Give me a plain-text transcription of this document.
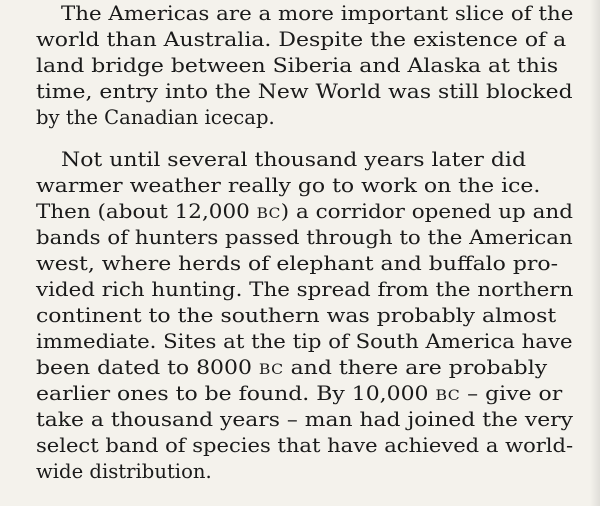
The Americas are a more important slice of the
world than Australia. Despite the existence of a
land bridge between Siberia and Alaska at this
time, entry into the New World was still blocked
by the Canadian icecap.
Not until several thousand years later did
warmer weather really go to work on the ice.
Then (about 12,000 bc) a corridor opened up and
bands of hunters passed through to the American
west, where herds of elephant and buffalo pro-
vided rich hunting. The spread from the northern
continent to the southern was probably almost
immediate. Sites at the tip of South America have
been dated to 8000 bc and there are probably
earlier ones to be found. By 10,000 bc – give or
take a thousand years – man had joined the very
select band of species that have achieved a world-
wide distribution.
